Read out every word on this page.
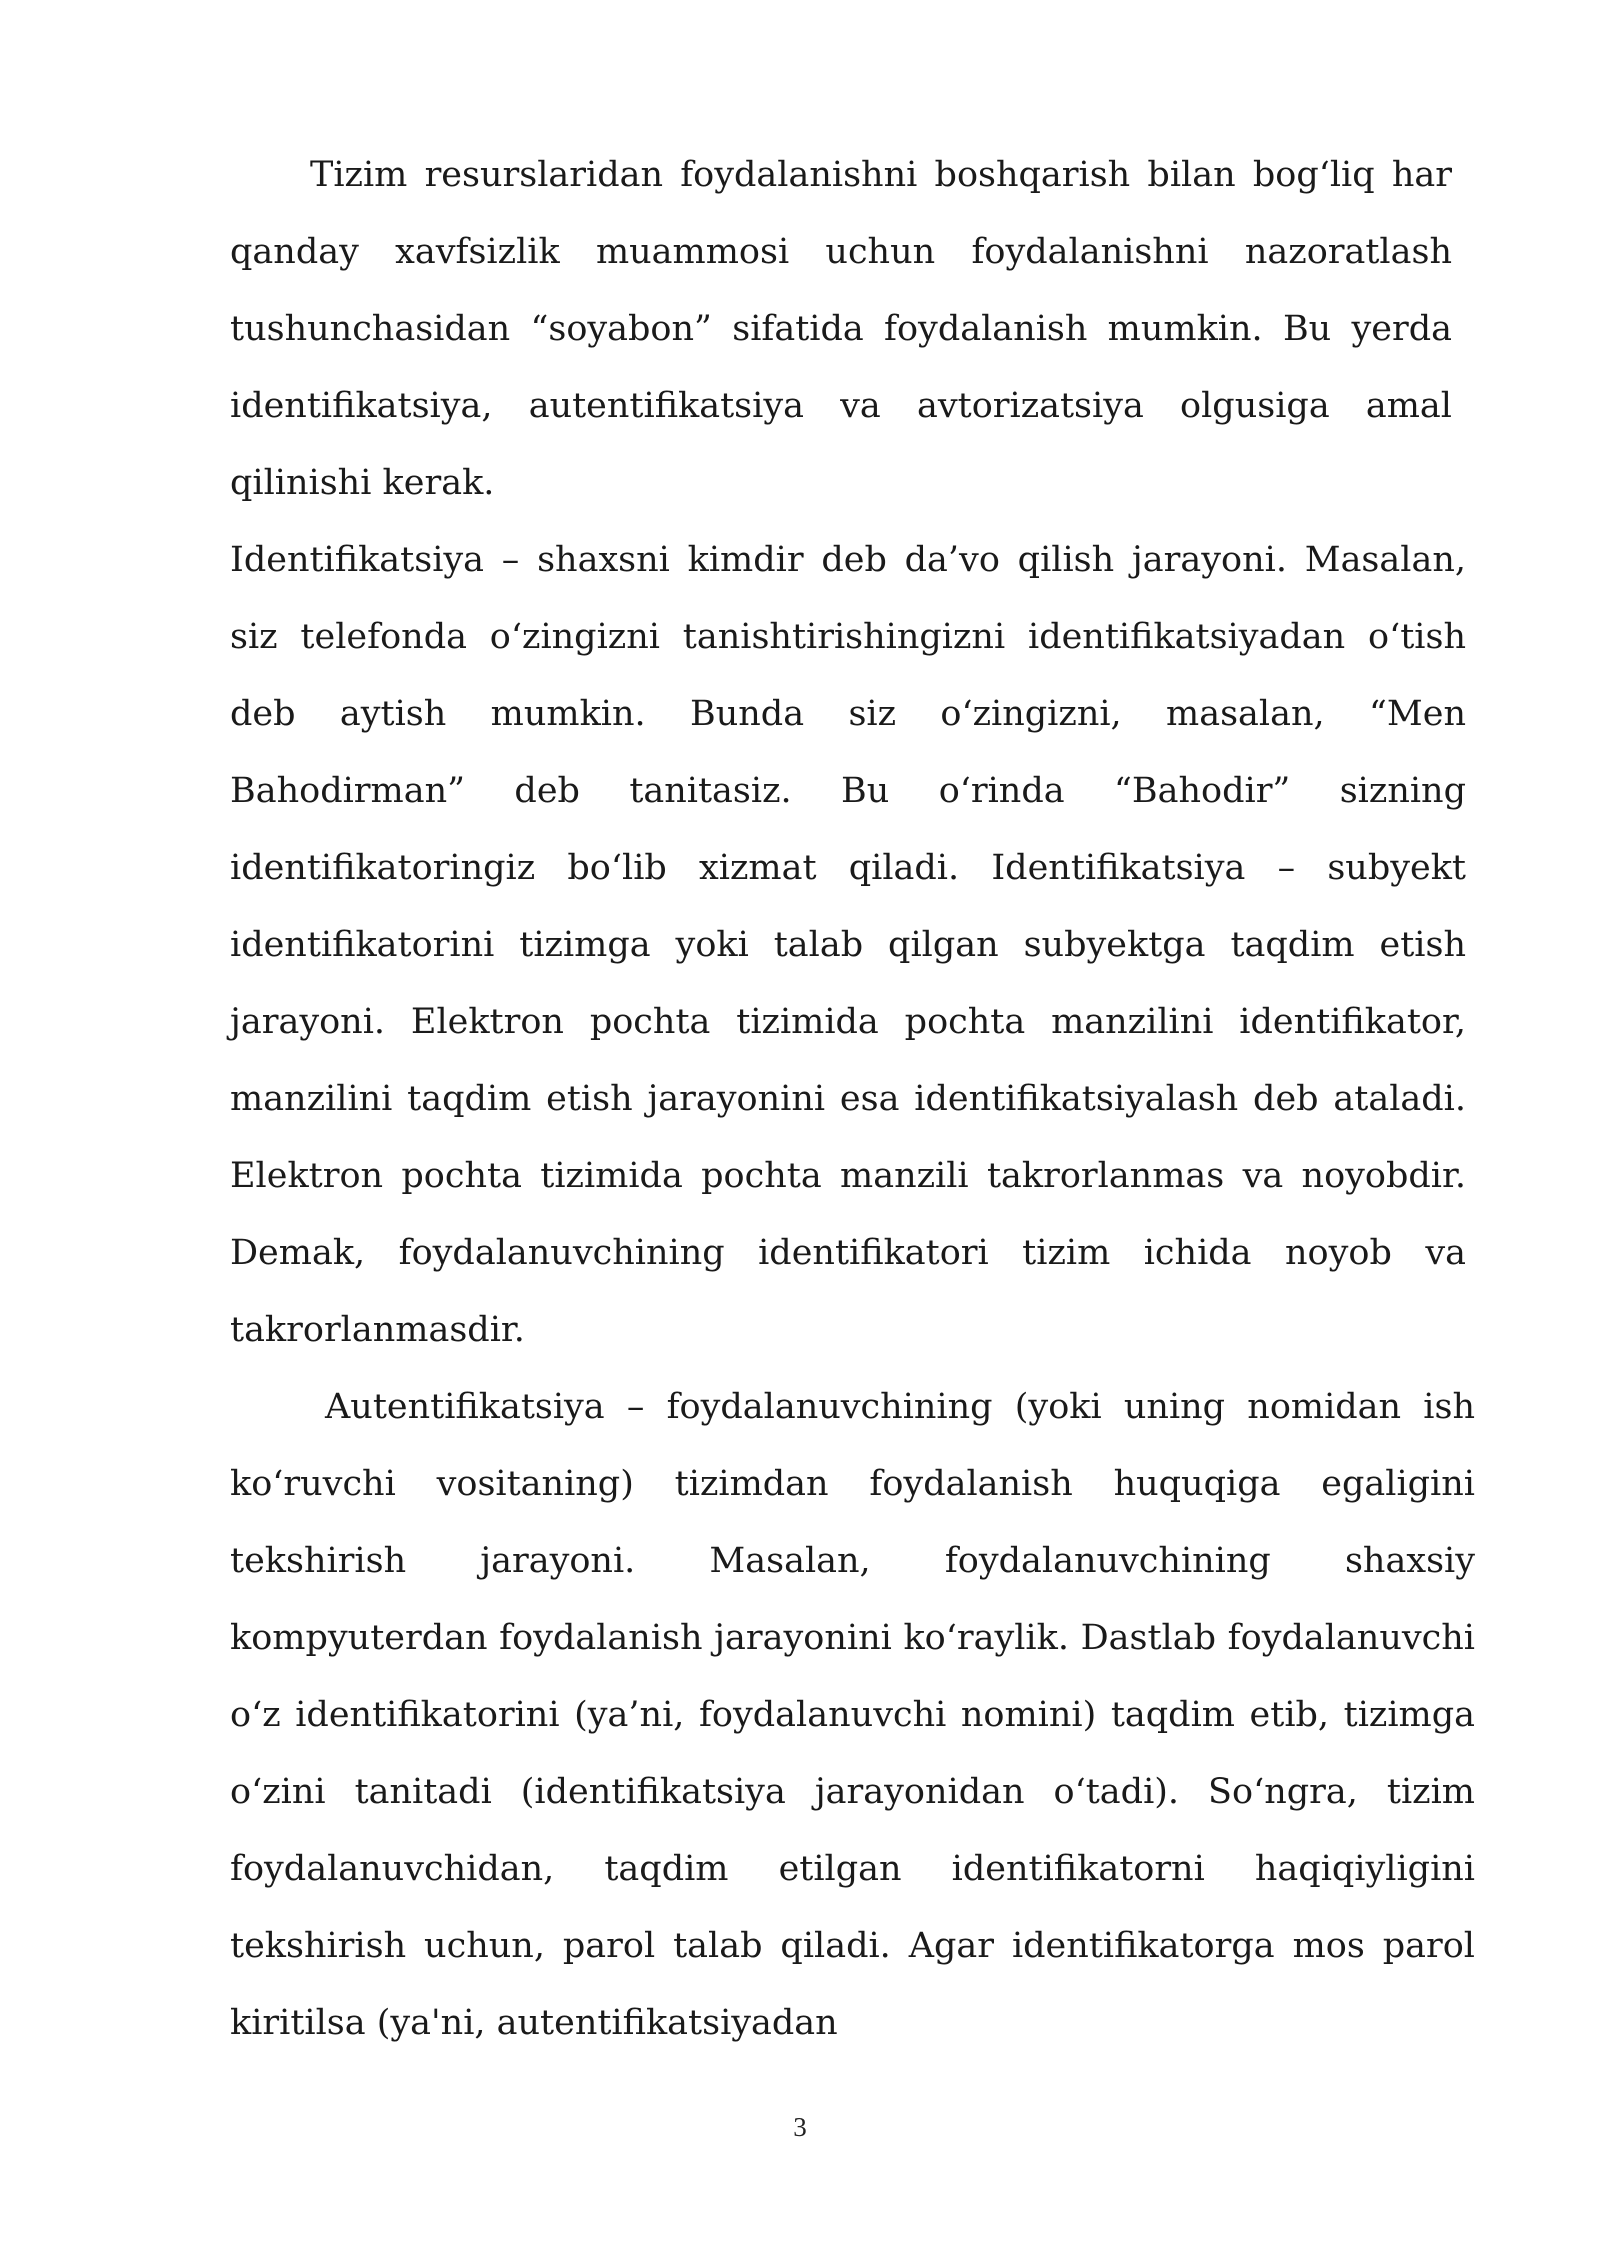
Tizim resurslaridan foydalanishni boshqarish bilan bog‘liq har qanday xavfsizlik muammosi uchun foydalanishni nazoratlash tushunchasidan “soyabon” sifatida foydalanish mumkin. Bu yerda identifikatsiya, autentifikatsiya va avtorizatsiya olgusiga amal qilinishi kerak.

Identifikatsiya – shaxsni kimdir deb da’vo qilish jarayoni. Masalan, siz telefonda o‘zingizni tanishtirishingizni identifikatsiyadan o‘tish deb aytish mumkin. Bunda siz o‘zingizni, masalan, “Men Bahodirman” deb tanitasiz. Bu o‘rinda “Bahodir” sizning identifikatoringiz bo‘lib xizmat qiladi. Identifikatsiya – subyekt identifikatorini tizimga yoki talab qilgan subyektga taqdim etish jarayoni. Elektron pochta tizimida pochta manzilini identifikator, manzilini taqdim etish jarayonini esa identifikatsiyalash deb ataladi. Elektron pochta tizimida pochta manzili takrorlanmas va noyobdir. Demak, foydalanuvchining identifikatori tizim ichida noyob va takrorlanmasdir.

Autentifikatsiya – foydalanuvchining (yoki uning nomidan ish ko‘ruvchi vositaning) tizimdan foydalanish huquqiga egaligini tekshirish jarayoni. Masalan, foydalanuvchining shaxsiy kompyuterdan foydalanish jarayonini ko‘raylik. Dastlab foydalanuvchi o‘z identifikatorini (ya’ni, foydalanuvchi nomini) taqdim etib, tizimga o‘zini tanitadi (identifikatsiya jarayonidan o‘tadi). So‘ngra, tizim foydalanuvchidan, taqdim etilgan identifikatorni haqiqiyligini tekshirish uchun, parol talab qiladi. Agar identifikatorga mos parol kiritilsa (ya'ni, autentifikatsiyadan

3
